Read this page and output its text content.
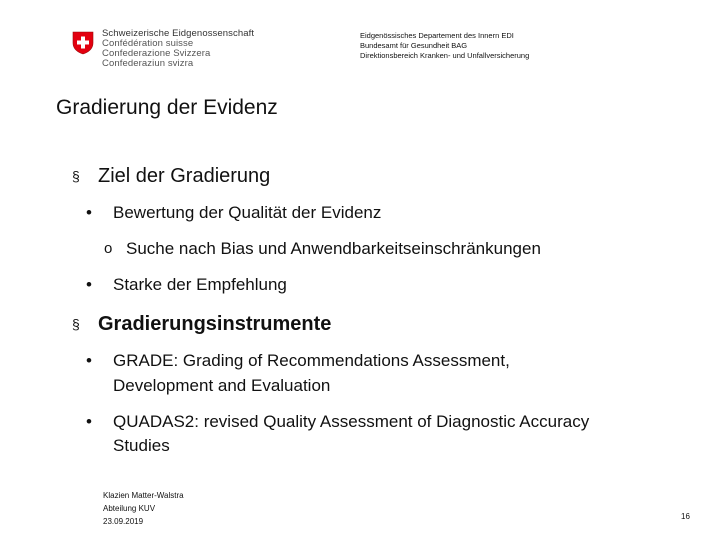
Schweizerische Eidgenossenschaft
Confédération suisse
Confederazione Svizzera
Confederaziun svizra
Eidgenössisches Departement des Innern EDI
Bundesamt für Gesundheit BAG
Direktionsbereich Kranken- und Unfallversicherung
Gradierung der Evidenz
§ Ziel der Gradierung
• Bewertung der Qualität der Evidenz
o Suche nach Bias und Anwendbarkeitseinschränkungen
• Starke der Empfehlung
§ Gradierungsinstrumente
• GRADE: Grading of Recommendations Assessment,
Development and Evaluation
• QUADAS2: revised Quality Assessment of Diagnostic Accuracy
Studies
Klazien Matter-Walstra
Abteilung KUV
23.09.2019
16
